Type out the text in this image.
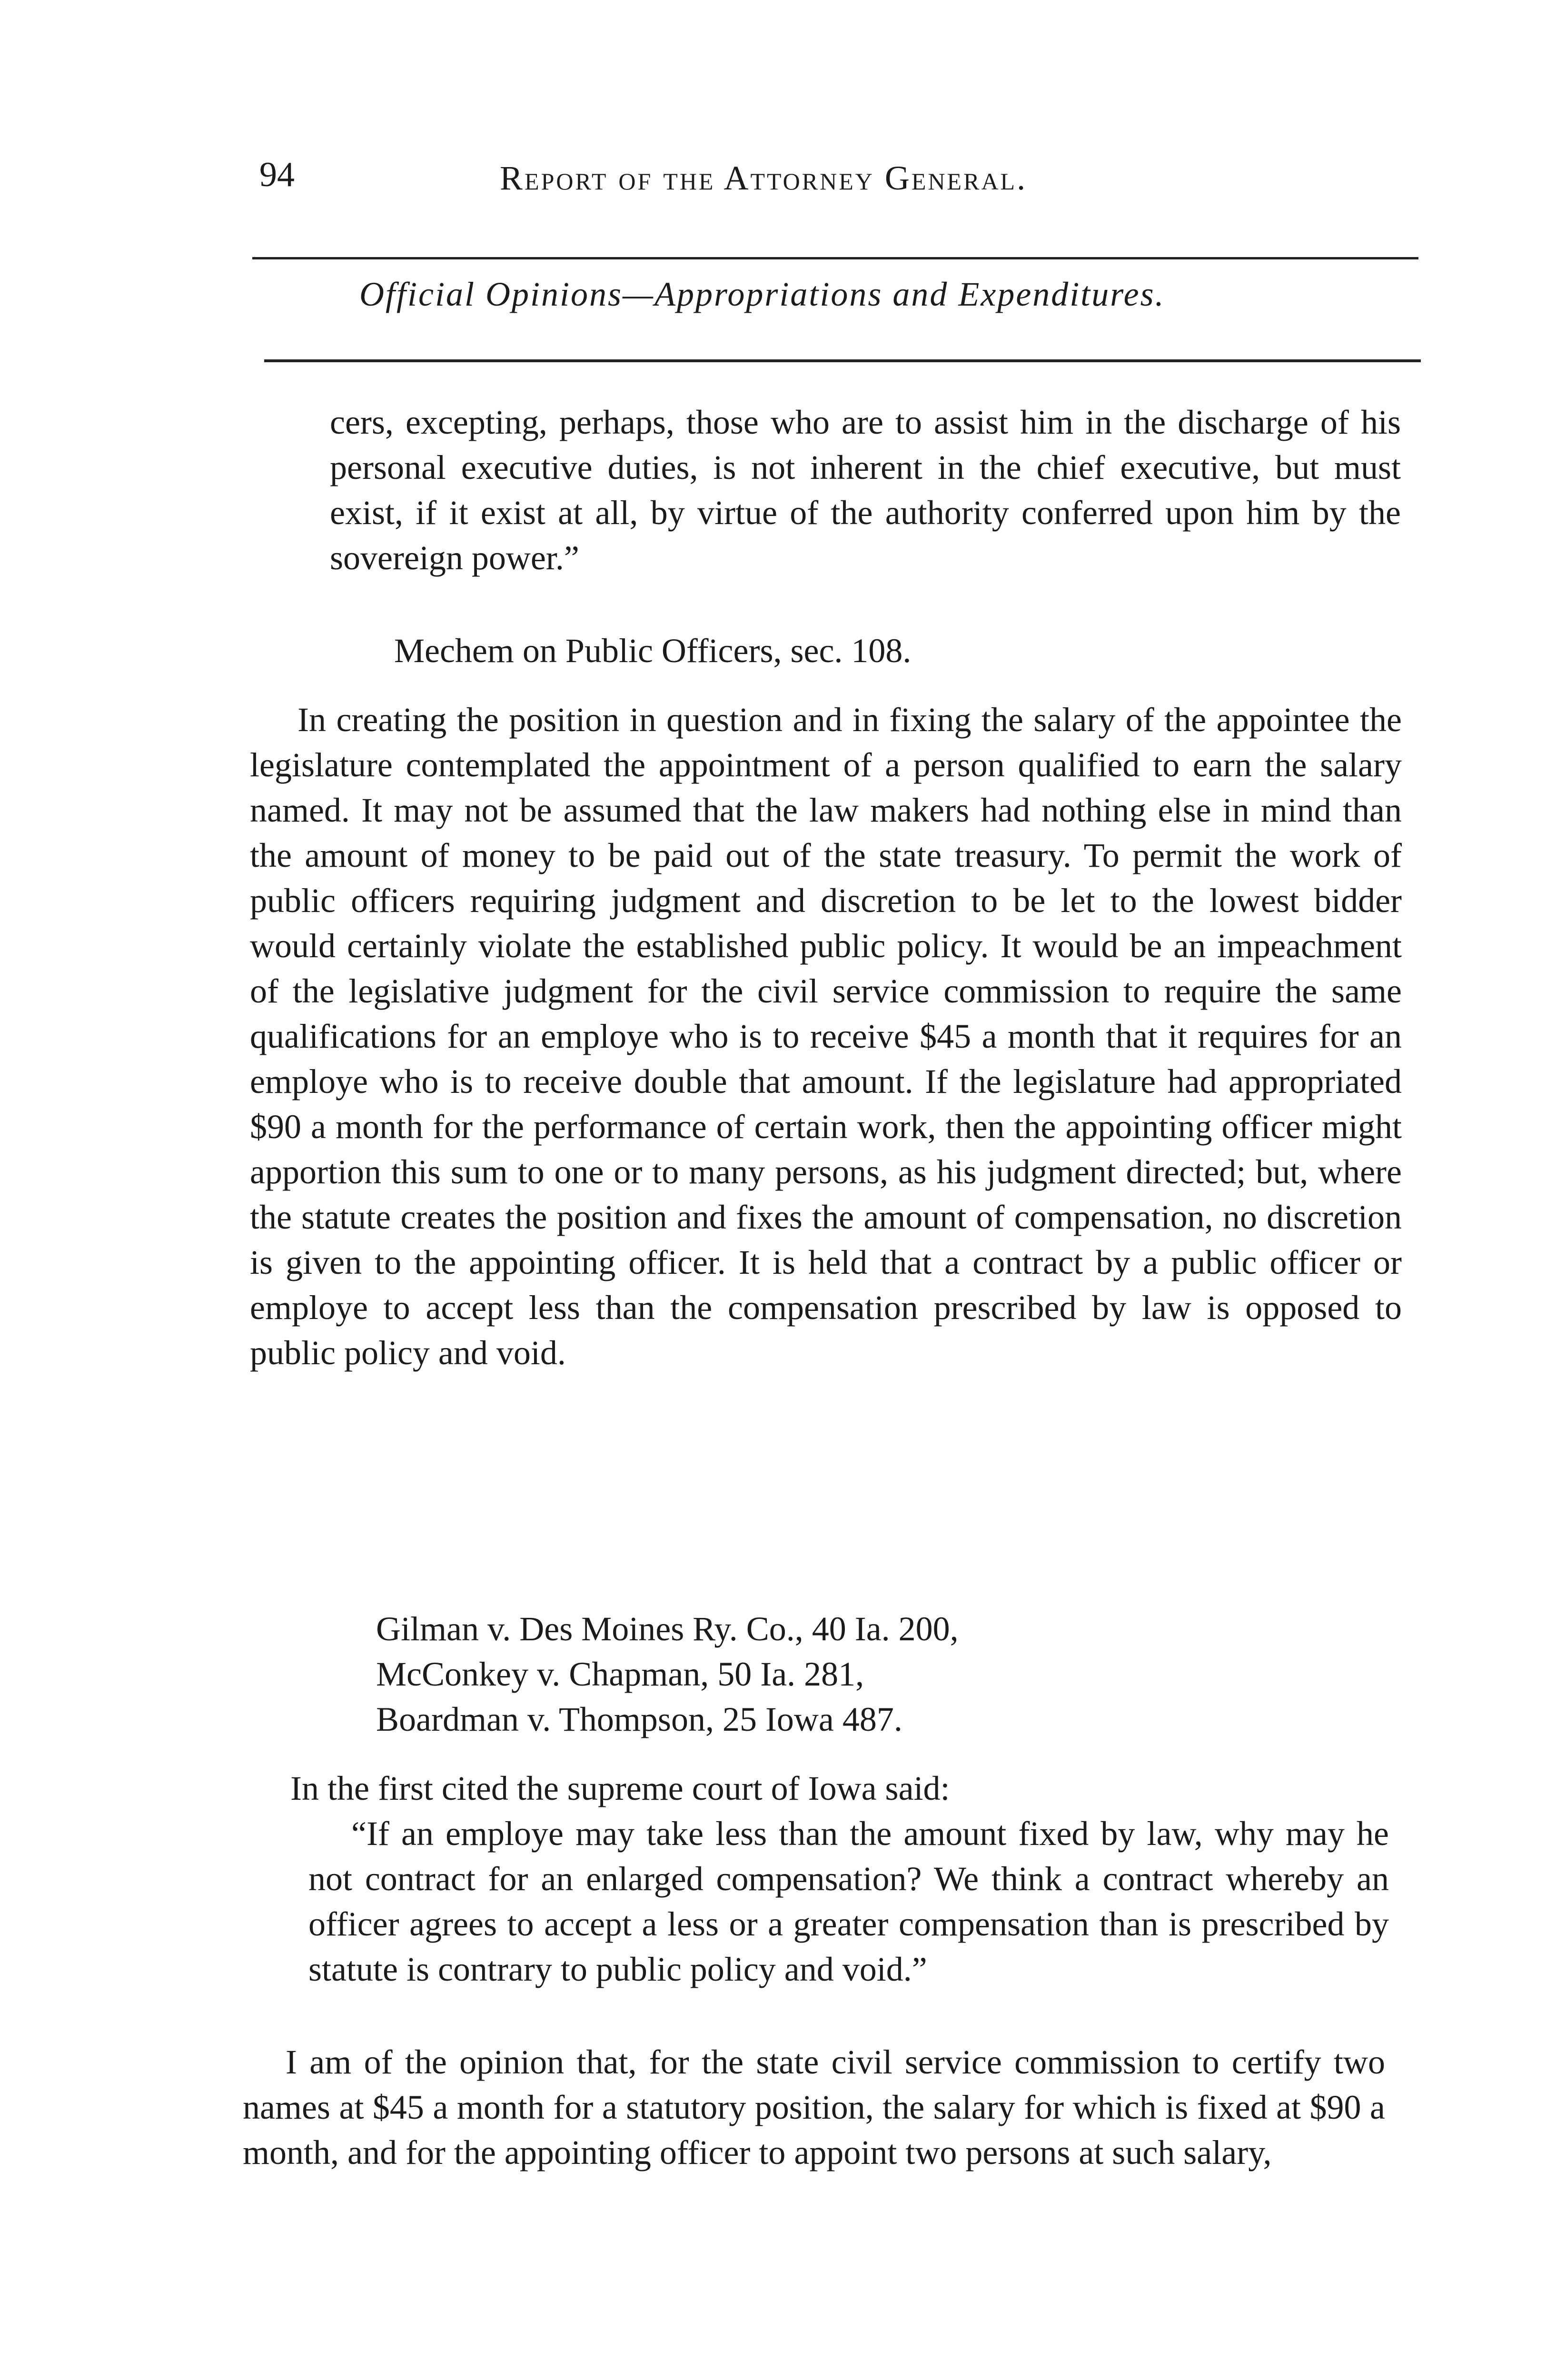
94	Report of the Attorney General.
Official Opinions—Appropriations and Expenditures.
cers, excepting, perhaps, those who are to assist him in the discharge of his personal executive duties, is not inherent in the chief executive, but must exist, if it exist at all, by virtue of the authority conferred upon him by the sovereign power.”
Mechem on Public Officers, sec. 108.
In creating the position in question and in fixing the salary of the appointee the legislature contemplated the appointment of a person qualified to earn the salary named. It may not be assumed that the law makers had nothing else in mind than the amount of money to be paid out of the state treasury. To permit the work of public officers requiring judgment and discretion to be let to the lowest bidder would certainly violate the established public policy. It would be an impeachment of the legislative judgment for the civil service commission to require the same qualifications for an employe who is to receive $45 a month that it requires for an employe who is to receive double that amount. If the legislature had appropriated $90 a month for the performance of certain work, then the appointing officer might apportion this sum to one or to many persons, as his judgment directed; but, where the statute creates the position and fixes the amount of compensation, no discretion is given to the appointing officer. It is held that a contract by a public officer or employe to accept less than the compensation prescribed by law is opposed to public policy and void.
Gilman v. Des Moines Ry. Co., 40 Ia. 200,
McConkey v. Chapman, 50 Ia. 281,
Boardman v. Thompson, 25 Iowa 487.
In the first cited the supreme court of Iowa said:
“If an employe may take less than the amount fixed by law, why may he not contract for an enlarged compensation? We think a contract whereby an officer agrees to accept a less or a greater compensation than is prescribed by statute is contrary to public policy and void.”
I am of the opinion that, for the state civil service commission to certify two names at $45 a month for a statutory position, the salary for which is fixed at $90 a month, and for the appointing officer to appoint two persons at such salary,
